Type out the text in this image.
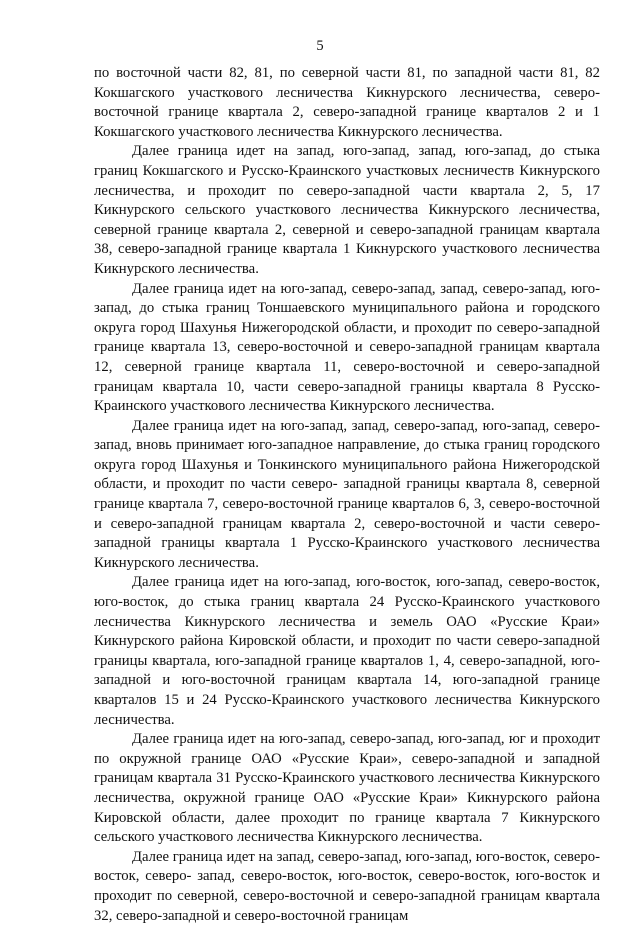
5

по восточной части 82, 81, по северной части 81, по западной части 81, 82 Кокшагского участкового лесничества Кикнурского лесничества, северо-восточной границе квартала 2, северо-западной границе кварталов 2 и 1 Кокшагского участкового лесничества Кикнурского лесничества.

Далее граница идет на запад, юго-запад, запад, юго-запад, до стыка границ Кокшагского и Русско-Краинского участковых лесничеств Кикнурского лесничества, и проходит по северо-западной части квартала 2, 5, 17 Кикнурского сельского участкового лесничества Кикнурского лесничества, северной границе квартала 2, северной и северо-западной границам квартала 38, северо-западной границе квартала 1 Кикнурского участкового лесничества Кикнурского лесничества.

Далее граница идет на юго-запад, северо-запад, запад, северо-запад, юго-запад, до стыка границ Тоншаевского муниципального района и городского округа город Шахунья Нижегородской области, и проходит по северо-западной границе квартала 13, северо-восточной и северо-западной границам квартала 12, северной границе квартала 11, северо-восточной и северо-западной границам квартала 10, части северо-западной границы квартала 8 Русско-Краинского участкового лесничества Кикнурского лесничества.

Далее граница идет на юго-запад, запад, северо-запад, юго-запад, северо-запад, вновь принимает юго-западное направление, до стыка границ городского округа город Шахунья и Тонкинского муниципального района Нижегородской области, и проходит по части северо- западной границы квартала 8, северной границе квартала 7, северо-восточной границе кварталов 6, 3, северо-восточной и северо-западной границам квартала 2, северо-восточной и части северо-западной границы квартала 1 Русско-Краинского участкового лесничества Кикнурского лесничества.

Далее граница идет на юго-запад, юго-восток, юго-запад, северо-восток, юго-восток, до стыка границ квартала 24 Русско-Краинского участкового лесничества Кикнурского лесничества и земель ОАО «Русские Краи» Кикнурского района Кировской области, и проходит по части северо-западной границы квартала, юго-западной границе кварталов 1, 4, северо-западной, юго-западной и юго-восточной границам квартала 14, юго-западной границе кварталов 15 и 24 Русско-Краинского участкового лесничества Кикнурского лесничества.

Далее граница идет на юго-запад, северо-запад, юго-запад, юг и проходит по окружной границе ОАО «Русские Краи», северо-западной и западной границам квартала 31 Русско-Краинского участкового лесничества Кикнурского лесничества, окружной границе ОАО «Русские Краи» Кикнурского района Кировской области, далее проходит по границе квартала 7 Кикнурского сельского участкового лесничества Кикнурского лесничества.

Далее граница идет на запад, северо-запад, юго-запад, юго-восток, северо-восток, северо- запад, северо-восток, юго-восток, северо-восток, юго-восток и проходит по северной, северо-восточной и северо-западной границам квартала 32, северо-западной и северо-восточной границам
